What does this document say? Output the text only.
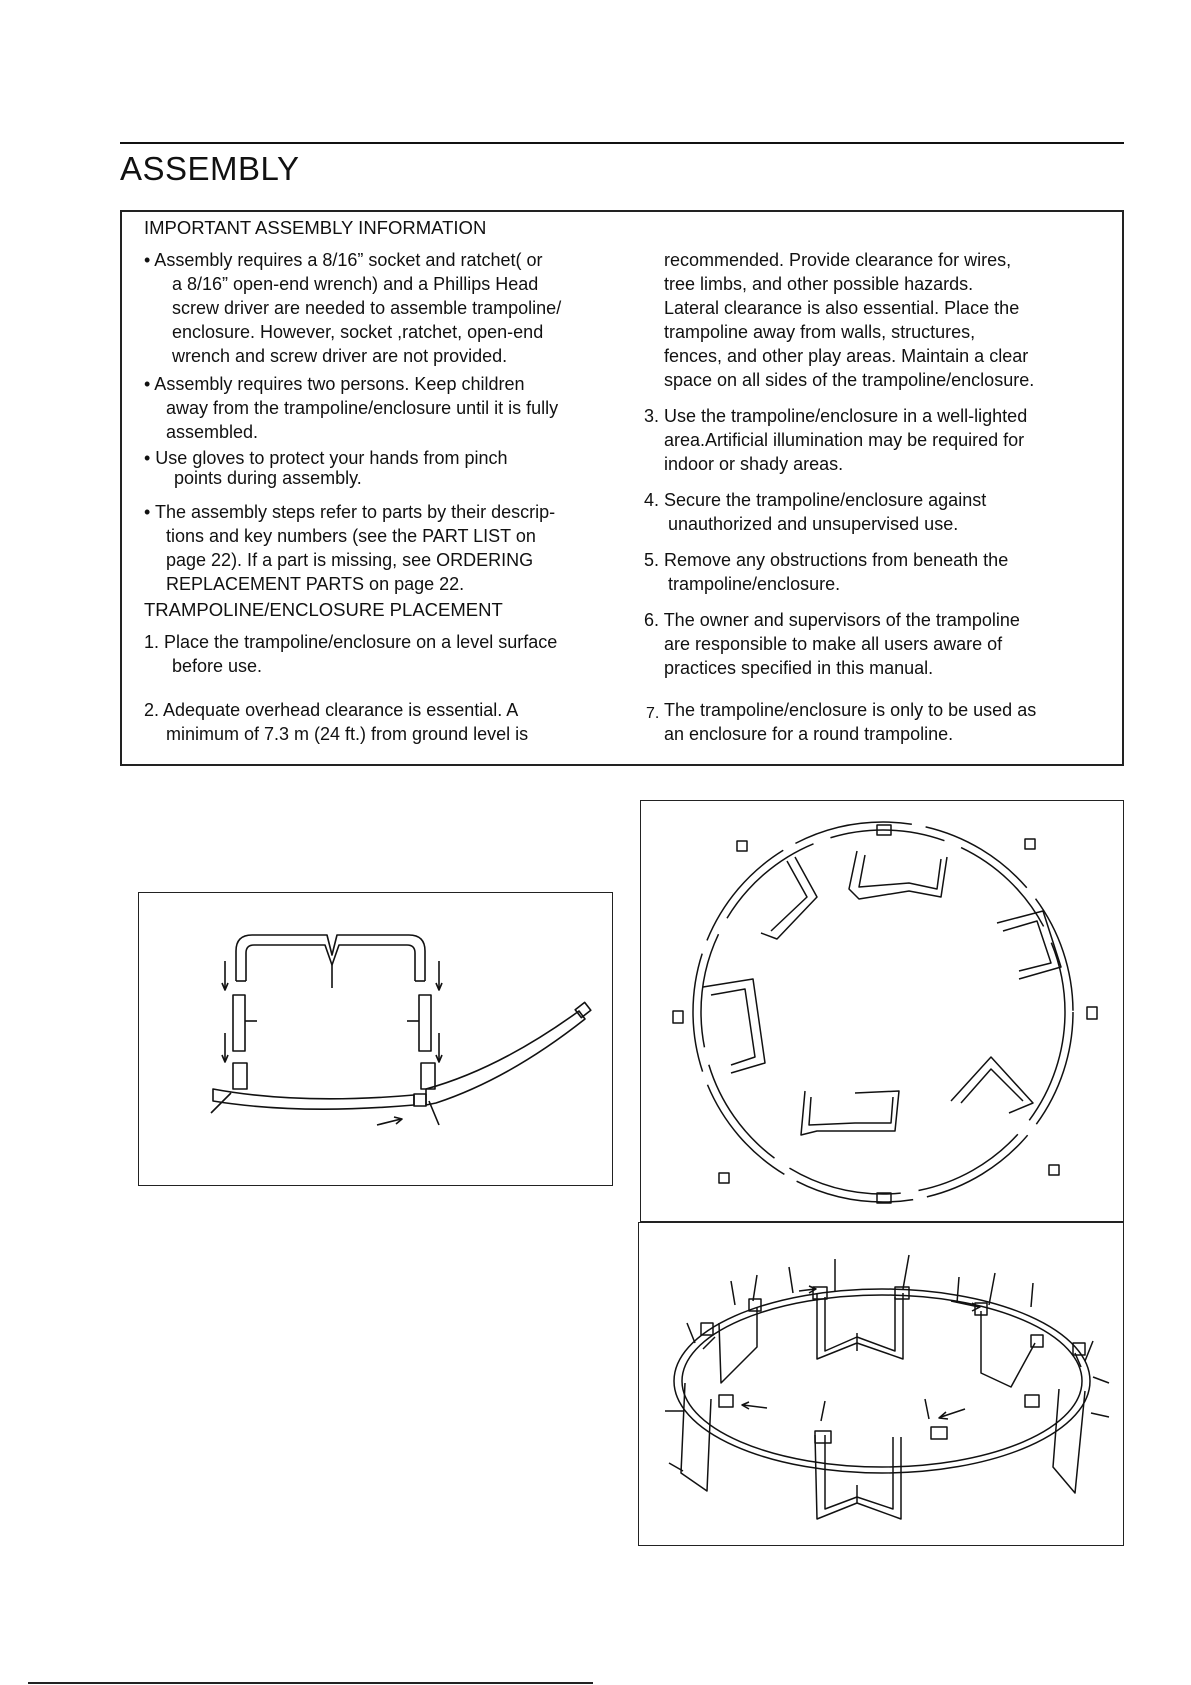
ASSEMBLY

IMPORTANT ASSEMBLY INFORMATION

• Assembly requires a 8/16” socket and ratchet( or

a 8/16” open-end wrench) and a Phillips Head

screw driver are needed to assemble trampoline/

enclosure. However, socket ,ratchet, open-end

wrench and screw driver are not provided.

• Assembly requires two persons. Keep children

away from the trampoline/enclosure until it is fully

assembled.

• Use gloves to protect your hands from pinch

points during assembly.

• The assembly steps refer to parts by their descrip-

tions and key numbers (see the PART LIST on

page 22). If a part is missing, see ORDERING

REPLACEMENT PARTS on page 22.

TRAMPOLINE/ENCLOSURE PLACEMENT

1. Place the trampoline/enclosure on a level surface

before use.

2. Adequate overhead clearance is essential. A

minimum of 7.3 m (24 ft.) from ground level is

recommended. Provide clearance for wires,

tree limbs, and other possible hazards.

Lateral clearance is also essential. Place the

trampoline away from walls, structures,

fences, and other play areas. Maintain a clear

space on all sides of the trampoline/enclosure.

3. Use the trampoline/enclosure in a well-lighted

area.Artificial illumination may be required for

indoor or shady areas.

4. Secure the trampoline/enclosure against

unauthorized and unsupervised use.

5. Remove any obstructions from beneath the

trampoline/enclosure.

6. The owner and supervisors of the trampoline

are responsible to make all users aware of

practices specified in this manual.

7. The trampoline/enclosure is only to be used as

an enclosure for a round trampoline.
